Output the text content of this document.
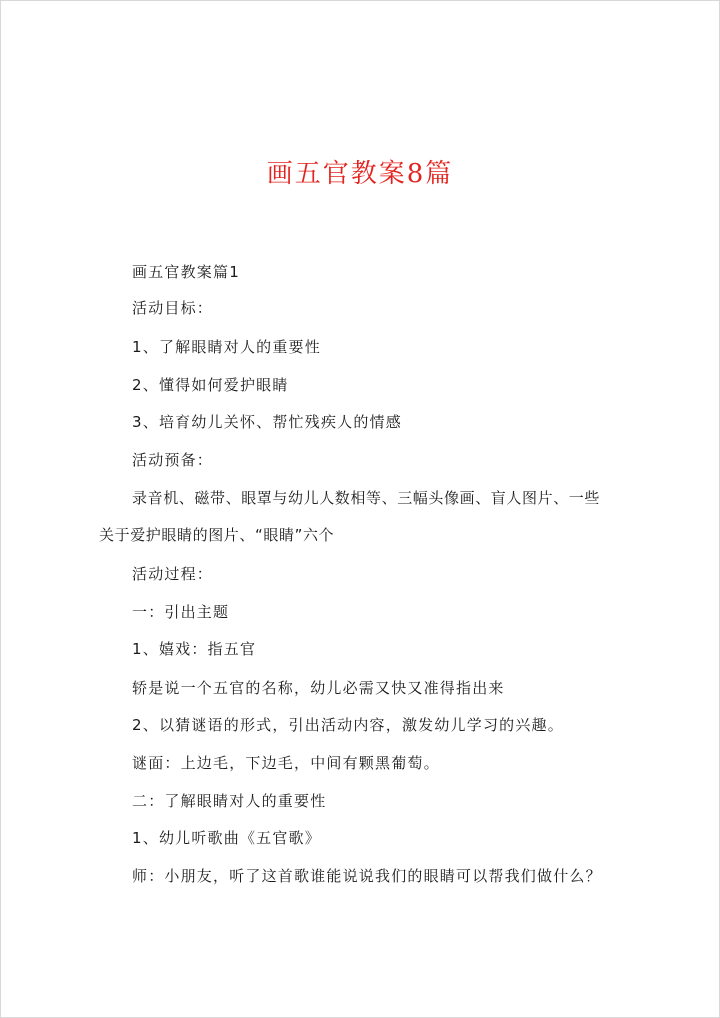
画五官教案8篇
画五官教案篇1
活动目标：
1、了解眼睛对人的重要性
2、懂得如何爱护眼睛
3、培育幼儿关怀、帮忙残疾人的情感
活动预备：
录音机、磁带、眼罩与幼儿人数相等、三幅头像画、盲人图片、一些
关于爱护眼睛的图片、“眼睛”六个
活动过程：
一：引出主题
1、嬉戏：指五官
轿是说一个五官的名称，幼儿必需又快又准得指出来
2、以猜谜语的形式，引出活动内容，激发幼儿学习的兴趣。
谜面：上边毛，下边毛，中间有颗黑葡萄。
二：了解眼睛对人的重要性
1、幼儿听歌曲《五官歌》
师：小朋友，听了这首歌谁能说说我们的眼睛可以帮我们做什么？
